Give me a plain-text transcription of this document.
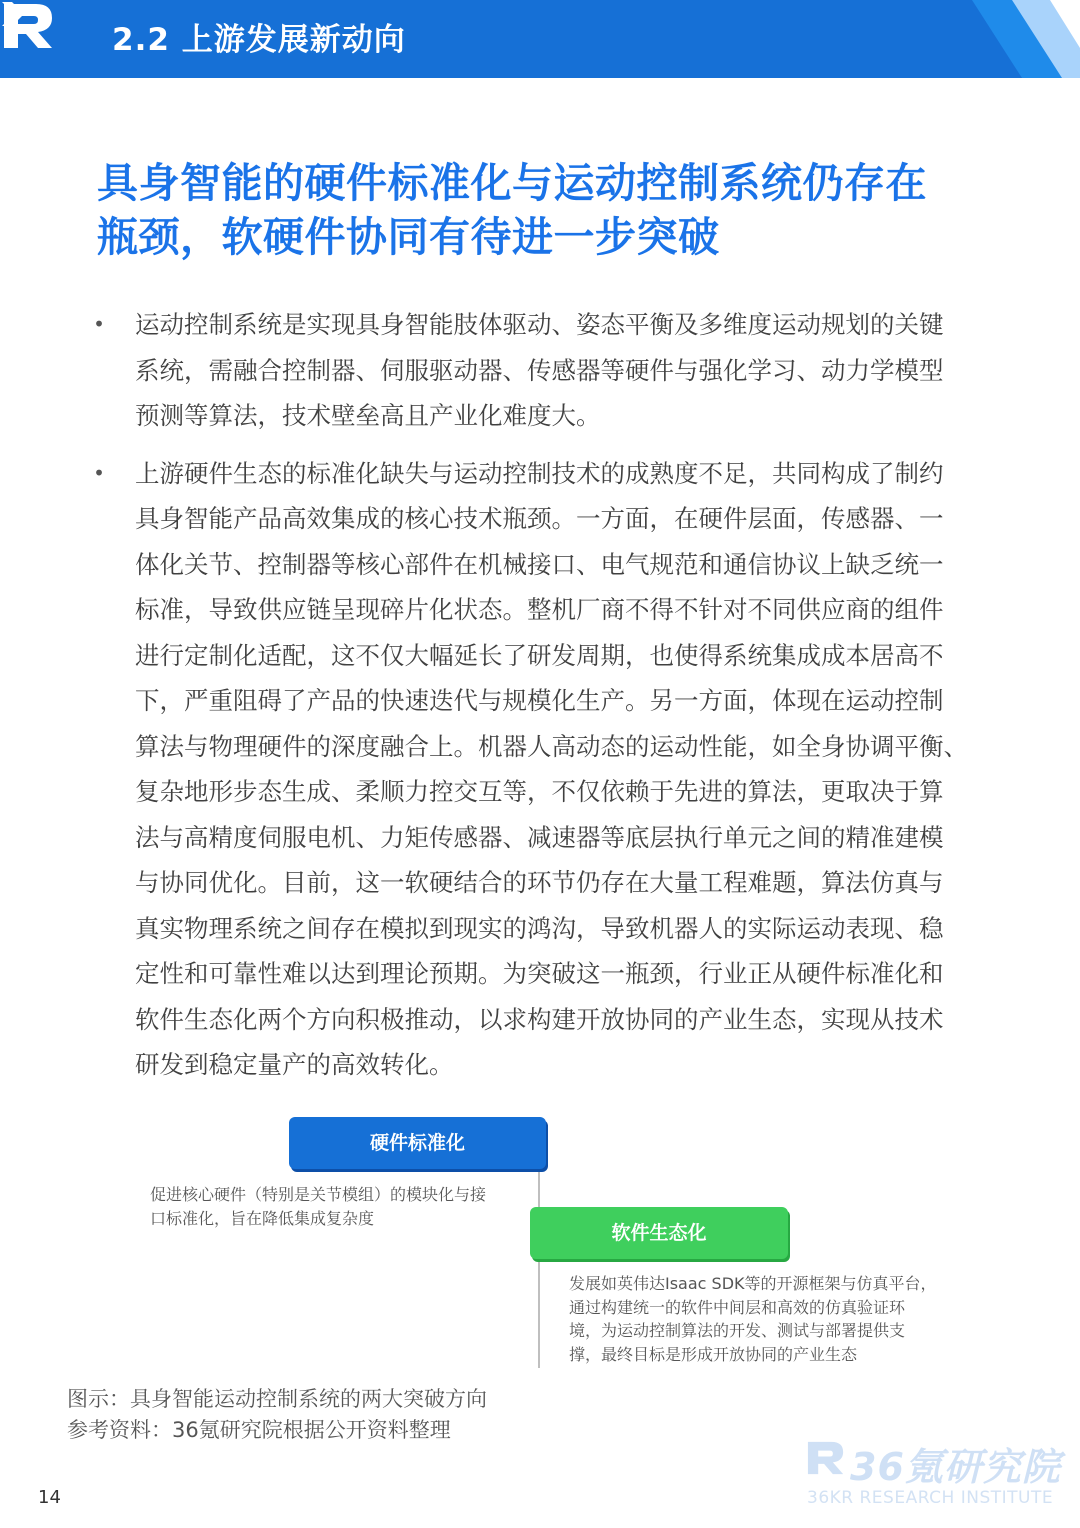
2.2 上游发展新动向
具身智能的硬件标准化与运动控制系统仍存在
瓶颈，软硬件协同有待进一步突破
• 运动控制系统是实现具身智能肢体驱动、姿态平衡及多维度运动规划的关键
系统，需融合控制器、伺服驱动器、传感器等硬件与强化学习、动力学模型
预测等算法，技术壁垒高且产业化难度大。
• 上游硬件生态的标准化缺失与运动控制技术的成熟度不足，共同构成了制约
具身智能产品高效集成的核心技术瓶颈。一方面，在硬件层面，传感器、一
体化关节、控制器等核心部件在机械接口、电气规范和通信协议上缺乏统一
标准，导致供应链呈现碎片化状态。整机厂商不得不针对不同供应商的组件
进行定制化适配，这不仅大幅延长了研发周期，也使得系统集成成本居高不
下，严重阻碍了产品的快速迭代与规模化生产。另一方面，体现在运动控制
算法与物理硬件的深度融合上。机器人高动态的运动性能，如全身协调平衡、
复杂地形步态生成、柔顺力控交互等，不仅依赖于先进的算法，更取决于算
法与高精度伺服电机、力矩传感器、减速器等底层执行单元之间的精准建模
与协同优化。目前，这一软硬结合的环节仍存在大量工程难题，算法仿真与
真实物理系统之间存在模拟到现实的鸿沟，导致机器人的实际运动表现、稳
定性和可靠性难以达到理论预期。为突破这一瓶颈，行业正从硬件标准化和
软件生态化两个方向积极推动，以求构建开放协同的产业生态，实现从技术
研发到稳定量产的高效转化。
硬件标准化
促进核心硬件（特别是关节模组）的模块化与接
口标准化，旨在降低集成复杂度
软件生态化
发展如英伟达Isaac SDK等的开源框架与仿真平台，
通过构建统一的软件中间层和高效的仿真验证环
境，为运动控制算法的开发、测试与部署提供支
撑，最终目标是形成开放协同的产业生态
图示：具身智能运动控制系统的两大突破方向
参考资料：36氪研究院根据公开资料整理
14
36氪研究院
36KR RESEARCH INSTITUTE
